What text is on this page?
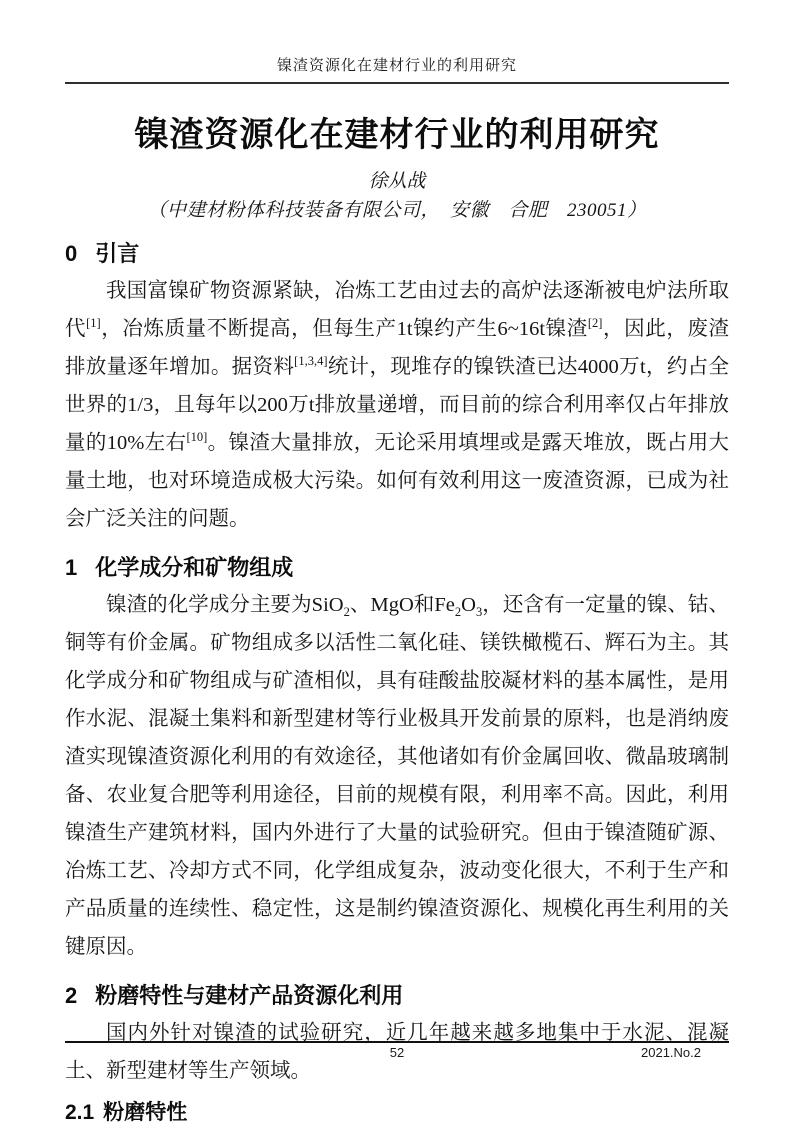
镍渣资源化在建材行业的利用研究
镍渣资源化在建材行业的利用研究
徐从战
（中建材粉体科技装备有限公司，　安徽　合肥　230051）
0 引言

我国富镍矿物资源紧缺，冶炼工艺由过去的高炉法逐渐被电炉法所取代[1]，冶炼质量不断提高，但每生产1t镍约产生6~16t镍渣[2]，因此，废渣排放量逐年增加。据资料[1,3,4]统计，现堆存的镍铁渣已达4000万t，约占全世界的1/3，且每年以200万t排放量递增，而目前的综合利用率仅占年排放量的10%左右[10]。镍渣大量排放，无论采用填埋或是露天堆放，既占用大量土地，也对环境造成极大污染。如何有效利用这一废渣资源，已成为社会广泛关注的问题。

1 化学成分和矿物组成

镍渣的化学成分主要为SiO$_2$、MgO和$Fe_2O_3$，还含有一定量的镍、钴、铜等有价金属。矿物组成多以活性二氧化硅、镁铁橄榄石、辉石为主。其化学成分和矿物组成与矿渣相似，具有硅酸盐胶凝材料的基本属性，是用作水泥、混凝土集料和新型建材等行业极具开发前景的原料，也是消纳废渣实现镍渣资源化利用的有效途径，其他诸如有价金属回收、微晶玻璃制备、农业复合肥等利用途径，目前的规模有限，利用率不高。因此，利用镍渣生产建筑材料，国内外进行了大量的试验研究。但由于镍渣随矿源、冶炼工艺、冷却方式不同，化学组成复杂，波动变化很大，不利于生产和产品质量的连续性、稳定性，这是制约镍渣资源化、规模化再生利用的关键原因。

2 粉磨特性与建材产品资源化利用

国内外针对镍渣的试验研究，近几年越来越多地集中于水泥、混凝土、新型建材等生产领域。

2.1 粉磨特性
52	2021.No.2
